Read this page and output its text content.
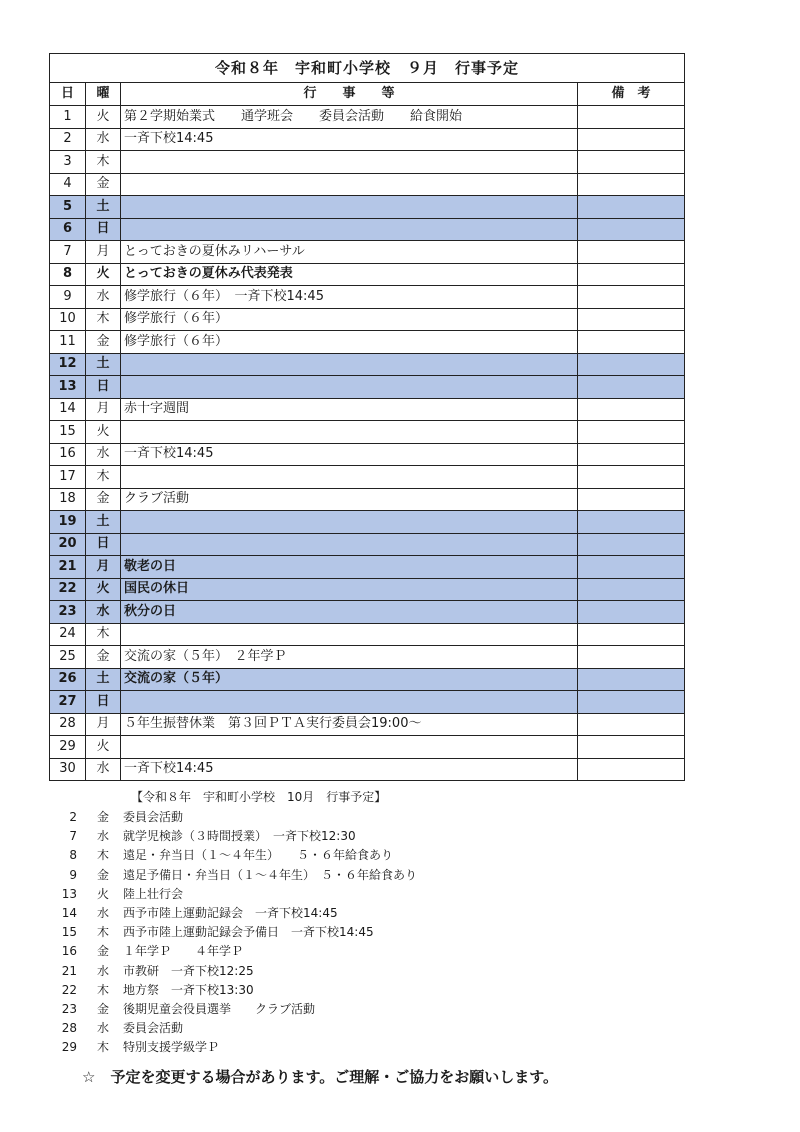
令和８年　宇和町小学校　９月　行事予定			
日	曜	行　　事　　等	備　考
1	火	第２学期始業式　　通学班会　　委員会活動　　給食開始	
2	水	一斉下校14:45	
3	木		
4	金		
5	土		
6	日		
7	月	とっておきの夏休みリハーサル	
8	火	とっておきの夏休み代表発表	
9	水	修学旅行（６年）　一斉下校14:45	
10	木	修学旅行（６年）	
11	金	修学旅行（６年）	
12	土		
13	日		
14	月	赤十字週間	
15	火		
16	水	一斉下校14:45	
17	木		
18	金	クラブ活動	
19	土		
20	日		
21	月	敬老の日	
22	火	国民の休日	
23	水	秋分の日	
24	木		
25	金	交流の家（５年）　２年学Ｐ	
26	土	交流の家（５年）	
27	日		
28	月	５年生振替休業　第３回ＰＴＡ実行委員会19:00～	
29	火		
30	水	一斉下校14:45	
【令和８年　宇和町小学校　10月　行事予定】
2 金 委員会活動
7 水 就学児検診（３時間授業）　一斉下校12:30
8 木 遠足・弁当日（１～４年生）　　５・６年給食あり
9 金 遠足予備日・弁当日（１～４年生）　５・６年給食あり
13 火 陸上壮行会
14 水 西予市陸上運動記録会　一斉下校14:45
15 木 西予市陸上運動記録会予備日　一斉下校14:45
16 金 １年学Ｐ　　４年学Ｐ
21 水 市教研　一斉下校12:25
22 木 地方祭　一斉下校13:30
23 金 後期児童会役員選挙　　クラブ活動
28 水 委員会活動
29 木 特別支援学級学Ｐ
☆　予定を変更する場合があります。ご理解・ご協力をお願いします。
